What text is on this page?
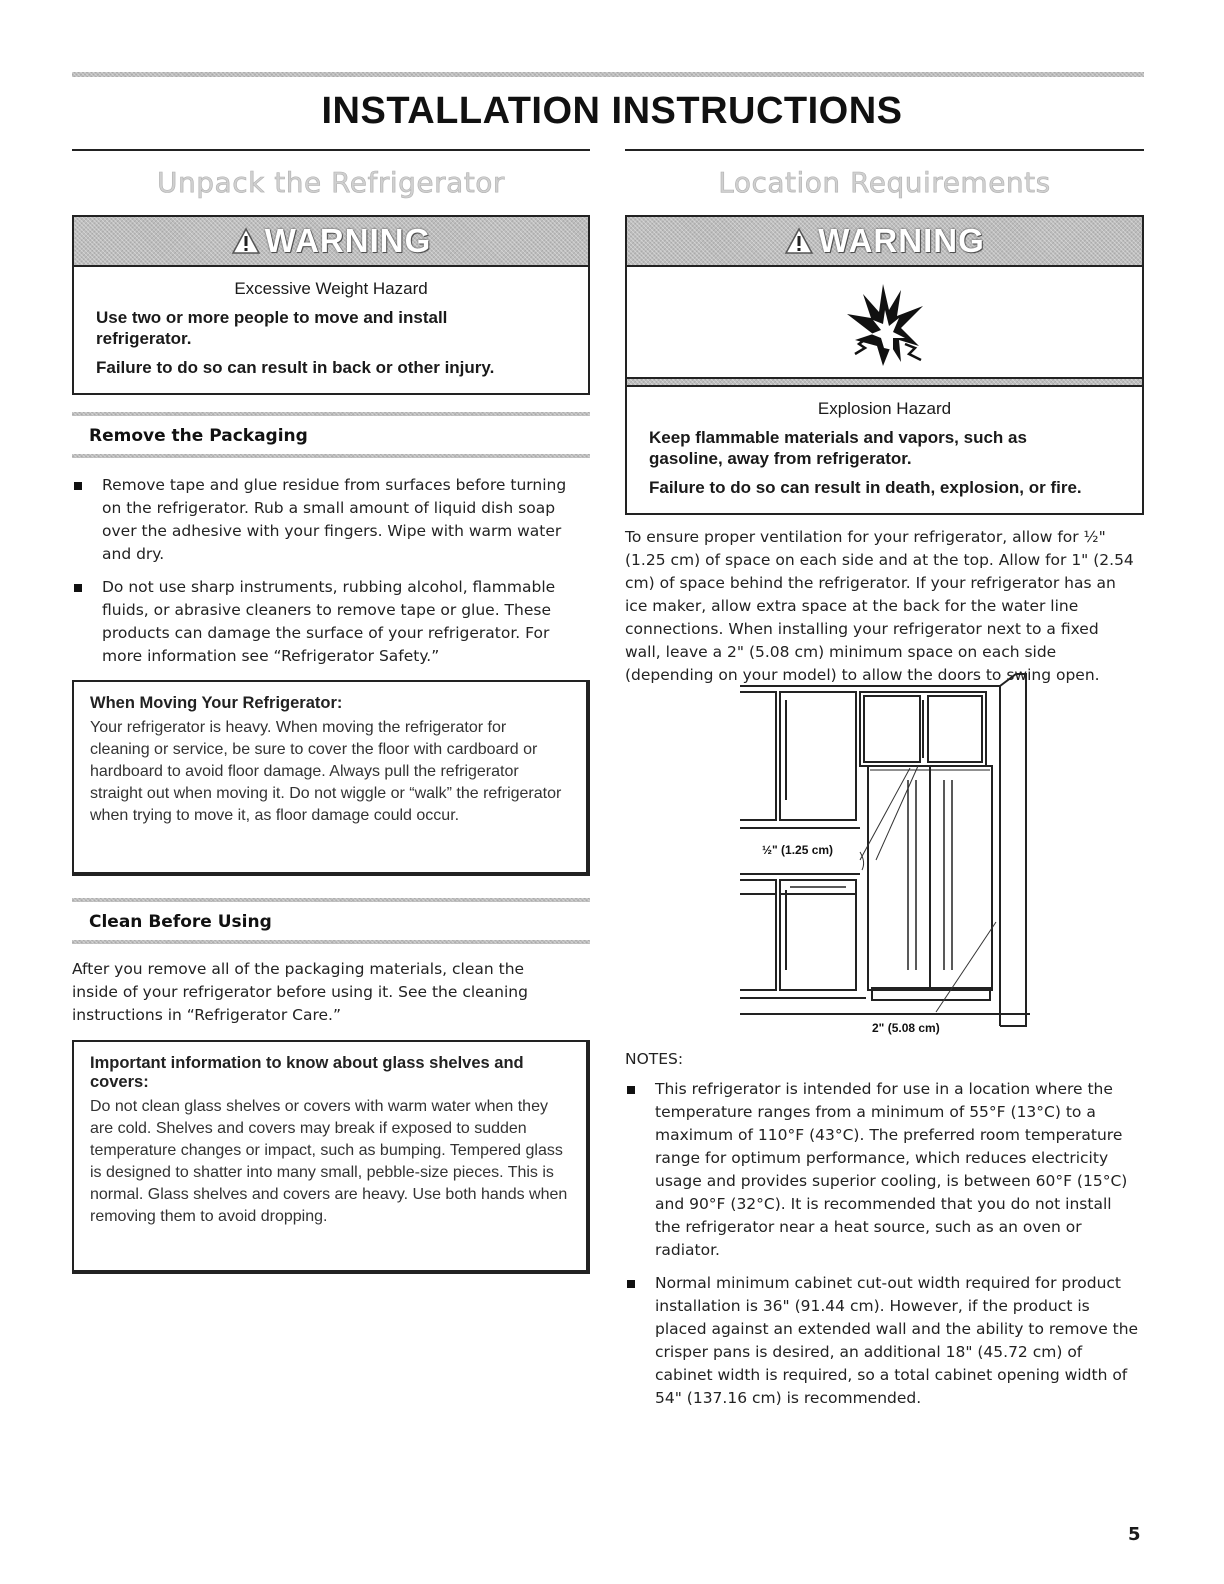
INSTALLATION INSTRUCTIONS
Unpack the Refrigerator	Location Requirements
WARNING
Excessive Weight Hazard
Use two or more people to move and install refrigerator.
Failure to do so can result in back or other injury.
Remove the Packaging
Remove tape and glue residue from surfaces before turning on the refrigerator. Rub a small amount of liquid dish soap over the adhesive with your fingers. Wipe with warm water and dry.
Do not use sharp instruments, rubbing alcohol, flammable fluids, or abrasive cleaners to remove tape or glue. These products can damage the surface of your refrigerator. For more information see “Refrigerator Safety.”
When Moving Your Refrigerator:
Your refrigerator is heavy. When moving the refrigerator for cleaning or service, be sure to cover the floor with cardboard or hardboard to avoid floor damage. Always pull the refrigerator straight out when moving it. Do not wiggle or “walk” the refrigerator when trying to move it, as floor damage could occur.
Clean Before Using

After you remove all of the packaging materials, clean the inside of your refrigerator before using it. See the cleaning instructions in “Refrigerator Care.”

Important information to know about glass shelves and covers:
Do not clean glass shelves or covers with warm water when they are cold. Shelves and covers may break if exposed to sudden temperature changes or impact, such as bumping. Tempered glass is designed to shatter into many small, pebble-size pieces. This is normal. Glass shelves and covers are heavy. Use both hands when removing them to avoid dropping.
WARNING
Explosion Hazard
Keep flammable materials and vapors, such as gasoline, away from refrigerator.
Failure to do so can result in death, explosion, or fire.

To ensure proper ventilation for your refrigerator, allow for ½" (1.25 cm) of space on each side and at the top. Allow for 1" (2.54 cm) of space behind the refrigerator. If your refrigerator has an ice maker, allow extra space at the back for the water line connections. When installing your refrigerator next to a fixed wall, leave a 2" (5.08 cm) minimum space on each side (depending on your model) to allow the doors to swing open.

½" (1.25 cm)
2" (5.08 cm)
NOTES:
This refrigerator is intended for use in a location where the temperature ranges from a minimum of 55°F (13°C) to a maximum of 110°F (43°C). The preferred room temperature range for optimum performance, which reduces electricity usage and provides superior cooling, is between 60°F (15°C) and 90°F (32°C). It is recommended that you do not install the refrigerator near a heat source, such as an oven or radiator.
Normal minimum cabinet cut-out width required for product installation is 36" (91.44 cm). However, if the product is placed against an extended wall and the ability to remove the crisper pans is desired, an additional 18" (45.72 cm) of cabinet width is required, so a total cabinet opening width of 54" (137.16 cm) is recommended.
5
